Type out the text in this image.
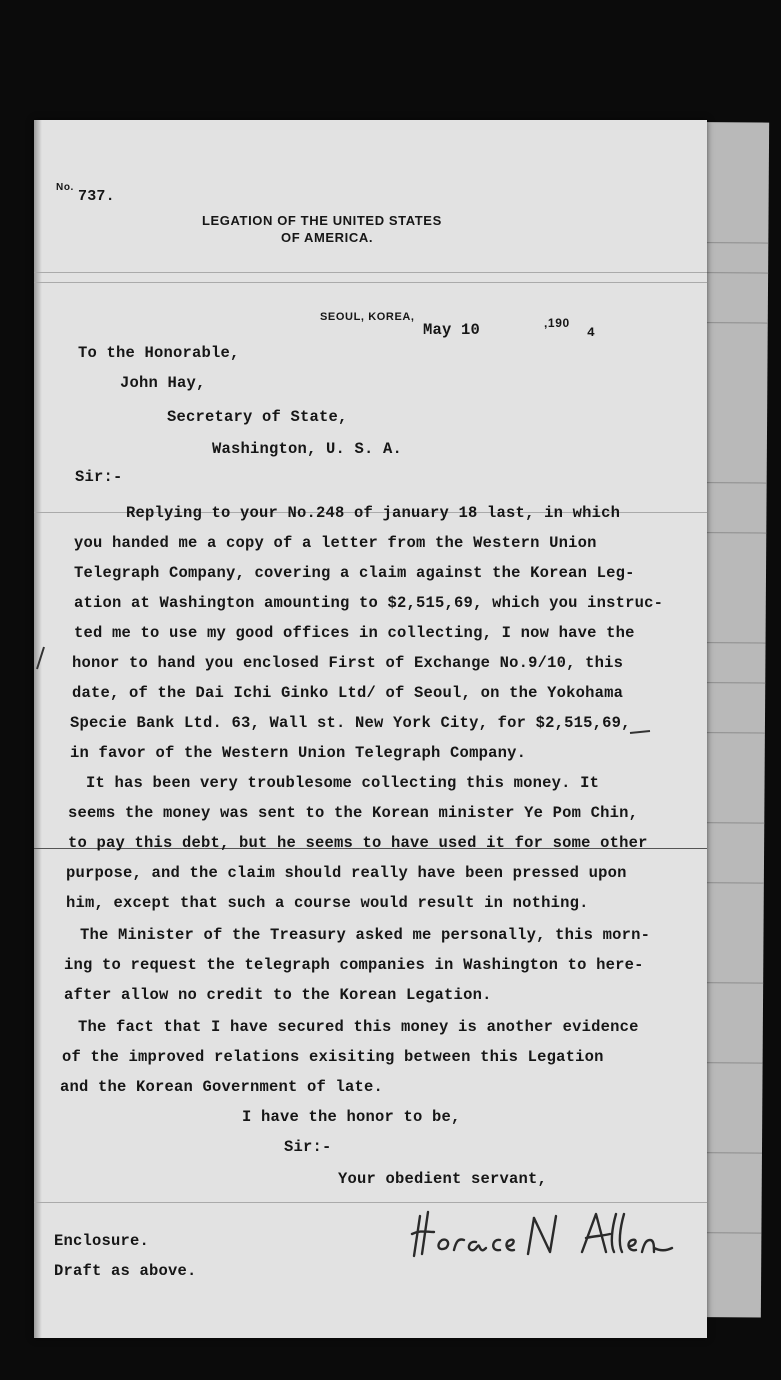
No.
737.
LEGATION OF THE UNITED STATES
OF AMERICA.
SEOUL, KOREA,
May 10	,190
4
To the Honorable,
John Hay,
Secretary of State,
Washington, U. S. A.
Sir:-
Replying to your No.248 of january 18 last, in which
you handed me a copy of a letter from the Western Union
Telegraph Company, covering a claim against the Korean Leg-
ation at Washington amounting to $2,515,69, which you instruc-
ted me to use my good offices in collecting, I now have the
honor to hand you enclosed First of Exchange No.9/10, this
date, of the Dai Ichi Ginko Ltd/ of Seoul, on the Yokohama
Specie Bank Ltd. 63, Wall st. New York City, for $2,515,69,
in favor of the Western Union Telegraph Company.
It has been very troublesome collecting this money. It
seems the money was sent to the Korean minister Ye Pom Chin,
to pay this debt, but he seems to have used it for some other
purpose, and the claim should really have been pressed upon
him, except that such a course would result in nothing.
The Minister of the Treasury asked me personally, this morn-
ing to request the telegraph companies in Washington to here-
after allow no credit to the Korean Legation.
The fact that I have secured this money is another evidence
of the improved relations exisiting between this Legation
and the Korean Government of late.
I have the honor to be,
Sir:-
Your obedient servant,
Enclosure.
Draft as above.
